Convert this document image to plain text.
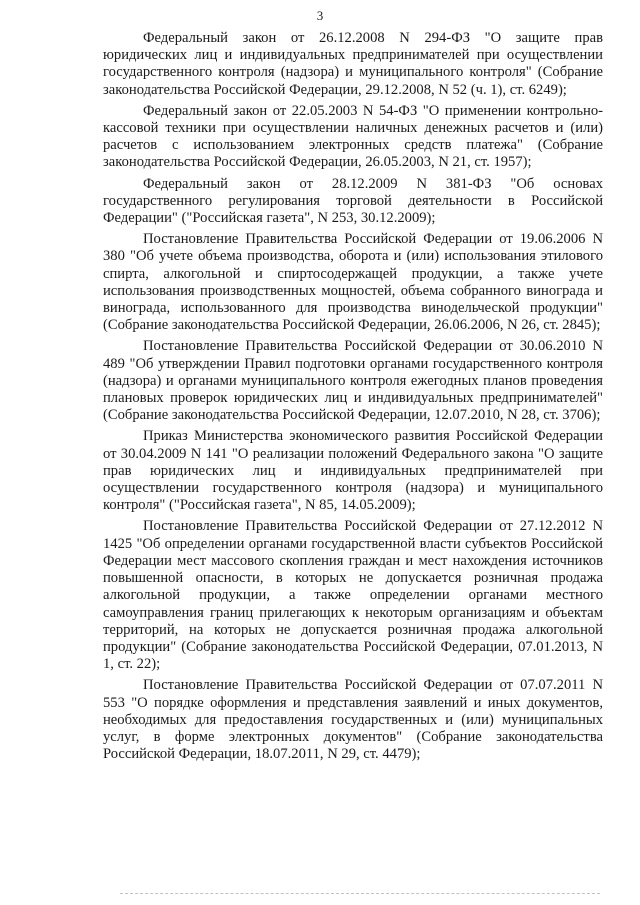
3

Федеральный закон от 26.12.2008 N 294-ФЗ "О защите прав юридических лиц и индивидуальных предпринимателей при осуществлении государственного контроля (надзора) и муниципального контроля" (Собрание законодательства Российской Федерации, 29.12.2008, N 52 (ч. 1), ст. 6249);

Федеральный закон от 22.05.2003 N 54-ФЗ "О применении контрольно-кассовой техники при осуществлении наличных денежных расчетов и (или) расчетов с использованием электронных средств платежа" (Собрание законодательства Российской Федерации, 26.05.2003, N 21, ст. 1957);

Федеральный закон от 28.12.2009 N 381-ФЗ "Об основах государственного регулирования торговой деятельности в Российской Федерации" ("Российская газета", N 253, 30.12.2009);

Постановление Правительства Российской Федерации от 19.06.2006 N 380 "Об учете объема производства, оборота и (или) использования этилового спирта, алкогольной и спиртосодержащей продукции, а также учете использования производственных мощностей, объема собранного винограда и винограда, использованного для производства винодельческой продукции" (Собрание законодательства Российской Федерации, 26.06.2006, N 26, ст. 2845);

Постановление Правительства Российской Федерации от 30.06.2010 N 489 "Об утверждении Правил подготовки органами государственного контроля (надзора) и органами муниципального контроля ежегодных планов проведения плановых проверок юридических лиц и индивидуальных предпринимателей" (Собрание законодательства Российской Федерации, 12.07.2010, N 28, ст. 3706);

Приказ Министерства экономического развития Российской Федерации от 30.04.2009 N 141 "О реализации положений Федерального закона "О защите прав юридических лиц и индивидуальных предпринимателей при осуществлении государственного контроля (надзора) и муниципального контроля" ("Российская газета", N 85, 14.05.2009);

Постановление Правительства Российской Федерации от 27.12.2012 N 1425 "Об определении органами государственной власти субъектов Российской Федерации мест массового скопления граждан и мест нахождения источников повышенной опасности, в которых не допускается розничная продажа алкогольной продукции, а также определении органами местного самоуправления границ прилегающих к некоторым организациям и объектам территорий, на которых не допускается розничная продажа алкогольной продукции" (Собрание законодательства Российской Федерации, 07.01.2013, N 1, ст. 22);

Постановление Правительства Российской Федерации от 07.07.2011 N 553 "О порядке оформления и представления заявлений и иных документов, необходимых для предоставления государственных и (или) муниципальных услуг, в форме электронных документов" (Собрание законодательства Российской Федерации, 18.07.2011, N 29, ст. 4479);
